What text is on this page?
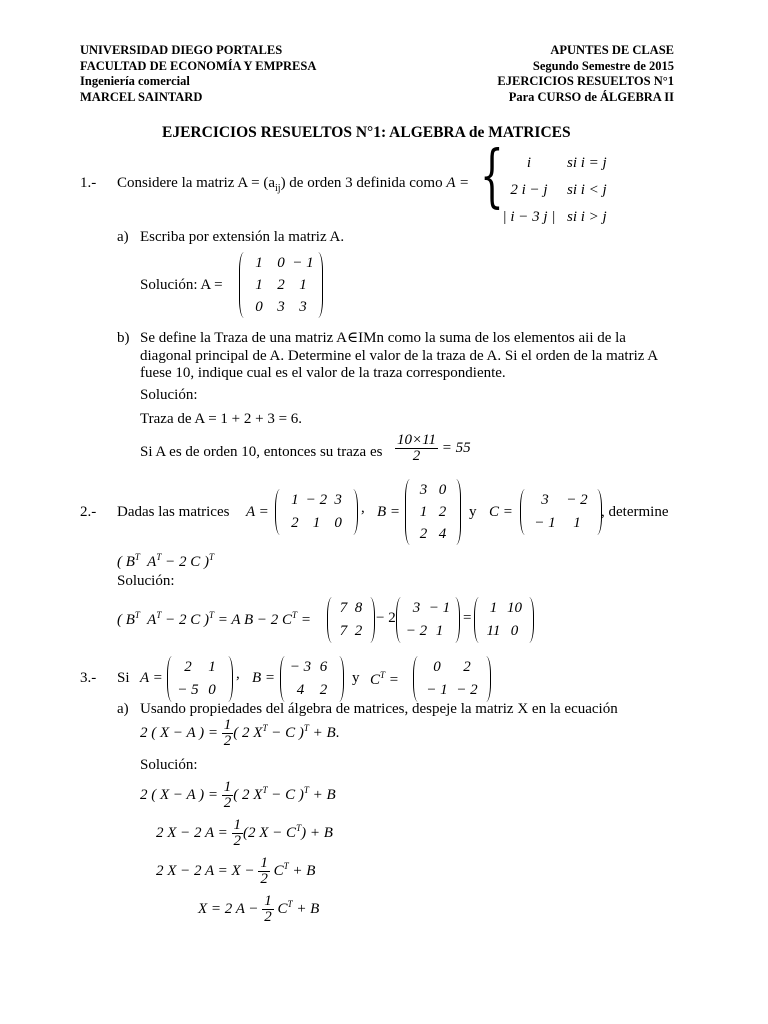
UNIVERSIDAD DIEGO PORTALES
FACULTAD DE ECONOMÍA Y EMPRESA
Ingeniería comercial
MARCEL SAINTARD
APUNTES DE CLASE
Segundo Semestre de 2015
EJERCICIOS RESUELTOS N°1
Para CURSO de ÁLGEBRA II
EJERCICIOS RESUELTOS N°1: ALGEBRA de MATRICES
1.- Considere la matriz $A = (a_{ij})$ de orden 3 definida como A = {	i	si i = j
2 i − j	si i < j
| i − 3 j | si i > j
a) Escriba por extensión la matriz A.
Solución: A =
1 0 − 1
1 2 1
0 3 3
b) Se define la Traza de una matriz A∈IMn como la suma de los elementos aii de la
diagonal principal de A. Determine el valor de la traza de A. Si el orden de la matriz A
fuese 10, indique cual es el valor de la traza correspondiente.
Solución:
Traza de A = 1 + 2 + 3 = 6.
Si A es de orden 10, entonces su traza es $\frac{10\times 11}{2} = 55$
2.- Dadas las matrices A =
1 − 2 3
2 1 0
, B =
3 0
1 2
2 4
y C =
3 − 2
− 1 1
, determine
( $B^T$  $A^T - 2$ C )$^T$
Solución:
( $B^T$  $A^T - 2$ C )$^T$ = A B − 2 $C^T$ =
7 8
7 2
− 2
3 − 1
− 2 1
=
1 10
11 0
3.- Si A =
2 1
− 5 0
, B =
− 3 6
4 2
y $C^T$ =
0 2
− 1 − 2
a) Usando propiedades del álgebra de matrices, despeje la matriz X en la ecuación
2 ( X − A ) = $\frac{1}{2}$ ( 2 $X^T - C$ )$^T$ + B.
Solución:
2 ( X − A ) = $\frac{1}{2}$ ( 2 $X^T - C$ )$^T$ + B
2 X − 2 $A = \frac{1}{2} (2$ $X - C^T) + B$
2 X − 2 $A = X - \frac{1}{2} C^T + B$
X = 2 $A - \frac{1}{2} C^T + B$
